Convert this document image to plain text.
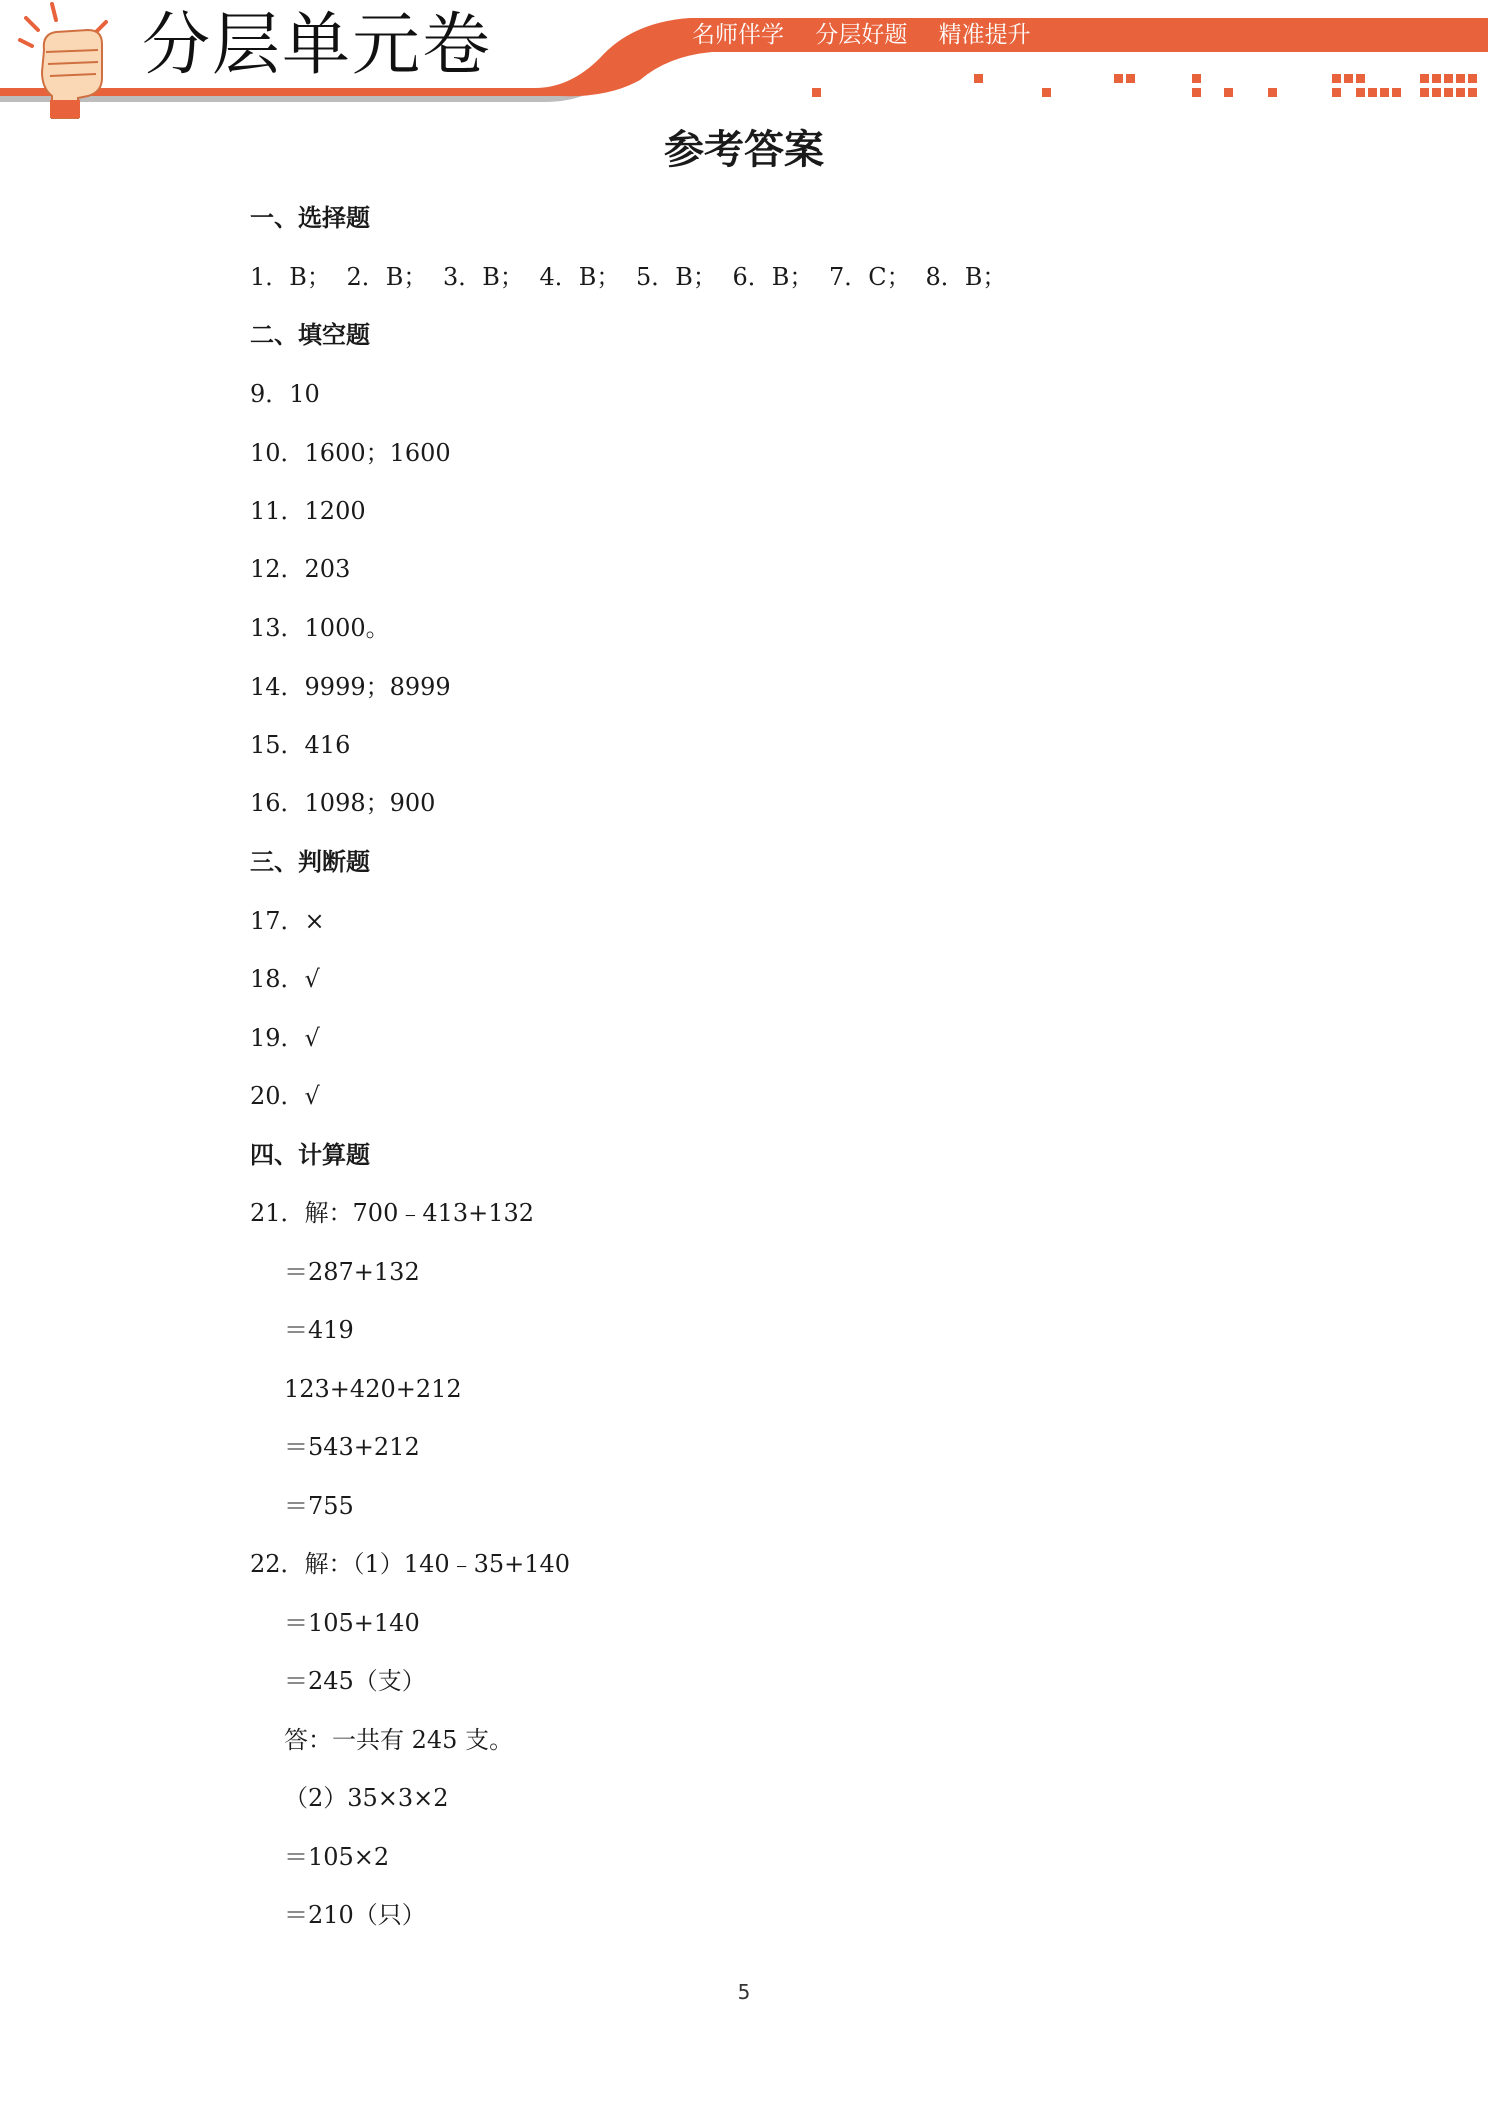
分层单元卷	名师伴学 分层好题 精准提升
参考答案
一、选择题
1．B； 2．B； 3．B； 4．B； 5．B； 6．B； 7．C； 8．B；
二、填空题
9．10
10．1600；1600
11．1200
12．203
13．1000。
14．9999；8999
15．416
16．1098；900
三、判断题
17．×
18．√
19．√
20．√
四、计算题
21．解：700﹣413+132
＝287+132
＝419
123+420+212
＝543+212
＝755
22．解：（1）140﹣35+140
＝105+140
＝245（支）
答：一共有 245 支。
（2）35×3×2
＝105×2
＝210（只）
5
